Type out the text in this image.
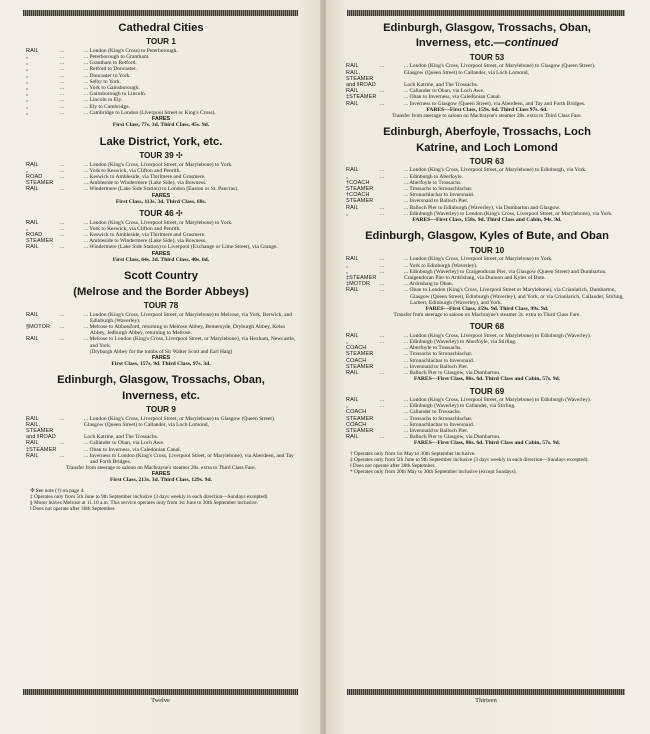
Cathedral Cities
TOUR 1
RAIL	...	... London (King's Cross) to Peterborough.
„	...	... Peterborough to Grantham.
„	...	... Grantham to Retford.
„	...	... Retford to Doncaster.
„	...	... Doncaster to York.
„	...	... Selby to York.
„	...	... York to Gainsborough.
„	...	... Gainsborough to Lincoln.
„	...	... Lincoln to Ely.
„	...	... Ely to Cambridge.
„	...	... Cambridge to London (Liverpool Street or King's Cross).
FARES
First Class, 77s. 3d. Third Class, 45s. 9d.
Lake District, York, etc.
TOUR 39 ✣
RAIL	...	... London (King's Cross, Liverpool Street, or Marylebone) to York.
„	...	... York to Keswick, via Clifton and Penrith.
ROAD	...	... Keswick to Ambleside, via Thirlmere and Grasmere.
STEAMER	... Ambleside to Windermere (Lake Side), via Bowness.
RAIL	...	... Windermere (Lake Side Station) to London (Euston or St. Pancras).
FARES
First Class, 113s. 3d. Third Class, 68s.
TOUR 46 ✣
RAIL	...	... London (King's Cross, Liverpool Street, or Marylebone) to York.
„	...	... York to Keswick, via Clifton and Penrith.
ROAD	...	... Keswick to Ambleside, via Thirlmere and Grasmere.
STEAMER	... Ambleside to Windermere (Lake Side), via Bowness.
RAIL	...	... Windermere (Lake Side Station) to Liverpool (Exchange or Lime Street), via Grange.
FARES
First Class, 64s. 3d. Third Class, 40s. 6d.
Scott Country
(Melrose and the Border Abbeys)
TOUR 78
RAIL	...	... London (King's Cross, Liverpool Street, or Marylebone) to Melrose, via York, Berwick, and Edinburgh (Waverley).
§MOTOR	...	... Melrose to Abbotsford, returning to Melrose Abbey, Bemersyde, Dryburgh Abbey, Kelso Abbey, Jedburgh Abbey, returning to Melrose.
RAIL	...	... Melrose to London (King's Cross, Liverpool Street, or Marylebone), via Hexham, Newcastle, and York.
(Dryburgh Abbey for the tombs of Sir Walter Scott and Earl Haig)
FARES
First Class, 157s. 9d. Third Class, 97s. 3d.
Edinburgh, Glasgow, Trossachs, Oban,
Inverness, etc.
TOUR 9
RAIL	...	... London (King's Cross, Liverpool Street, or Marylebone) to Glasgow (Queen Street).
RAIL, STEAMER
Glasgow (Queen Street) to Callander, via Loch Lomond,
and ‖ROAD	Loch Katrine, and The Trossachs.
RAIL	...	... Callander to Oban, via Loch Awe.
‡STEAMER	... Oban to Inverness, via Caledonian Canal.
RAIL	...	... Inverness to London (King's Cross, Liverpool Street, or Marylebone), via Aberdeen, and Tay and Forth Bridges.
Transfer from steerage to saloon on Macbrayne's steamer 20s. extra to Third Class Fare.
FARES
First Class, 213s. 3d. Third Class, 129s. 9d.
✣ See note (†) on page 4.
‡ Operates only from 5th June to 9th September inclusive (3 days weekly in each direction—Sundays excepted)
§ Motor leaves Melrose at 11.10 a.m. This service operates only from 1st June to 30th September inclusive.
‖ Does not operate after 30th September.
Twelve
Edinburgh, Glasgow, Trossachs, Oban,
Inverness, etc.—continued
TOUR 53
RAIL	...	... London (King's Cross, Liverpool Street, or Marylebone) to Glasgow (Queen Street).
RAIL, STEAMER
Glasgow (Queen Street) to Callander, via Loch Lomond,
and ‖ROAD	Loch Katrine, and The Trossachs.
RAIL	...	... Callander to Oban, via Loch Awe.
‡STEAMER	... Oban to Inverness, via Caledonian Canal.
RAIL	...	... Inverness to Glasgow (Queen Street), via Aberdeen, and Tay and Forth Bridges.
FARES—First Class, 159s. 6d. Third Class 97s. 6d.
Transfer from steerage to saloon on Macbrayne's steamer 28s. extra to Third Class Fare.
Edinburgh, Aberfoyle, Trossachs, Loch
Katrine, and Loch Lomond
TOUR 63
RAIL	...	... London (King's Cross, Liverpool Street, or Marylebone) to Edinburgh, via York.
„	...	... Edinburgh to Aberfoyle.
†COACH	... Aberfoyle to Trossachs.
STEAMER	... Trossachs to Stronachlachar.
†COACH	... Stronachlachar to Inversnaid.
STEAMER	... Inversnaid to Balloch Pier.
RAIL	...	... Balloch Pier to Edinburgh (Waverley), via Dumbarton and Glasgow.
„	...	... Edinburgh (Waverley) to London (King's Cross, Liverpool Street, or Marylebone), via York.
FARES—First Class, 158s. 9d. Third Class and Cabin, 94s. 9d.
Edinburgh, Glasgow, Kyles of Bute, and Oban
TOUR 10
RAIL	...	... London (King's Cross, Liverpool Street, or Marylebone) to York.
„	...	... York to Edinburgh (Waverley).
„	...	... Edinburgh (Waverley) to Craigendoran Pier, via Glasgow (Queen Street) and Dumbarton.
‡STEAMER	Craigendoran Pier to Ardrishaig, via Dunoon and Kyles of Bute.
‡MOTOR	...	... Ardrishaig to Oban.
RAIL	...	... Oban to London (King's Cross, Liverpool Street or Marylebone), via Crianlarich, Dumbarton, Glasgow (Queen Street), Edinburgh (Waverley), and York, or via Crianlarich, Callander, Stirling, Larbert, Edinburgh (Waverley), and York.
FARES—First Class, 159s. 9d. Third Class, 99s. 9d.
Transfer from steerage to saloon on Macbrayne's steamer 3s. extra to Third Class Fare.
TOUR 68
RAIL	...	... London (King's Cross, Liverpool Street, or Marylebone) to Edinburgh (Waverley).
„	...	... Edinburgh (Waverley) to Aberfoyle, via Stirling.
COACH	... Aberfoyle to Trossachs.
STEAMER	... Trossachs to Stronachlachar.
COACH	... Stronachlachar to Inversnaid.
STEAMER	... Inversnaid to Balloch Pier.
RAIL	...	... Balloch Pier to Glasgow, via Dumbarton.
FARES—First Class, 86s. 6d. Third Class and Cabin, 57s. 9d.
TOUR 69
RAIL	...	... London (King's Cross, Liverpool Street, or Marylebone) to Edinburgh (Waverley).
„	...	... Edinburgh (Waverley) to Callander, via Stirling.
COACH	... Callander to Trossachs.
STEAMER	... Trossachs to Stronachlachar.
COACH	... Stronachlachar to Inversnaid.
STEAMER	... Inversnaid to Balloch Pier.
RAIL	...	... Balloch Pier to Glasgow, via Dumbarton.
FARES—First Class, 86s. 6d. Third Class and Cabin, 57s. 9d.
† Operates only from 1st May to 30th September inclusive.
‡ Operates only from 5th June to 9th September inclusive (3 days weekly in each direction—Sundays excepted).
‖ Does not operate after 30th September.
* Operates only from 20th May to 30th September inclusive (except Sundays).
Thirteen
